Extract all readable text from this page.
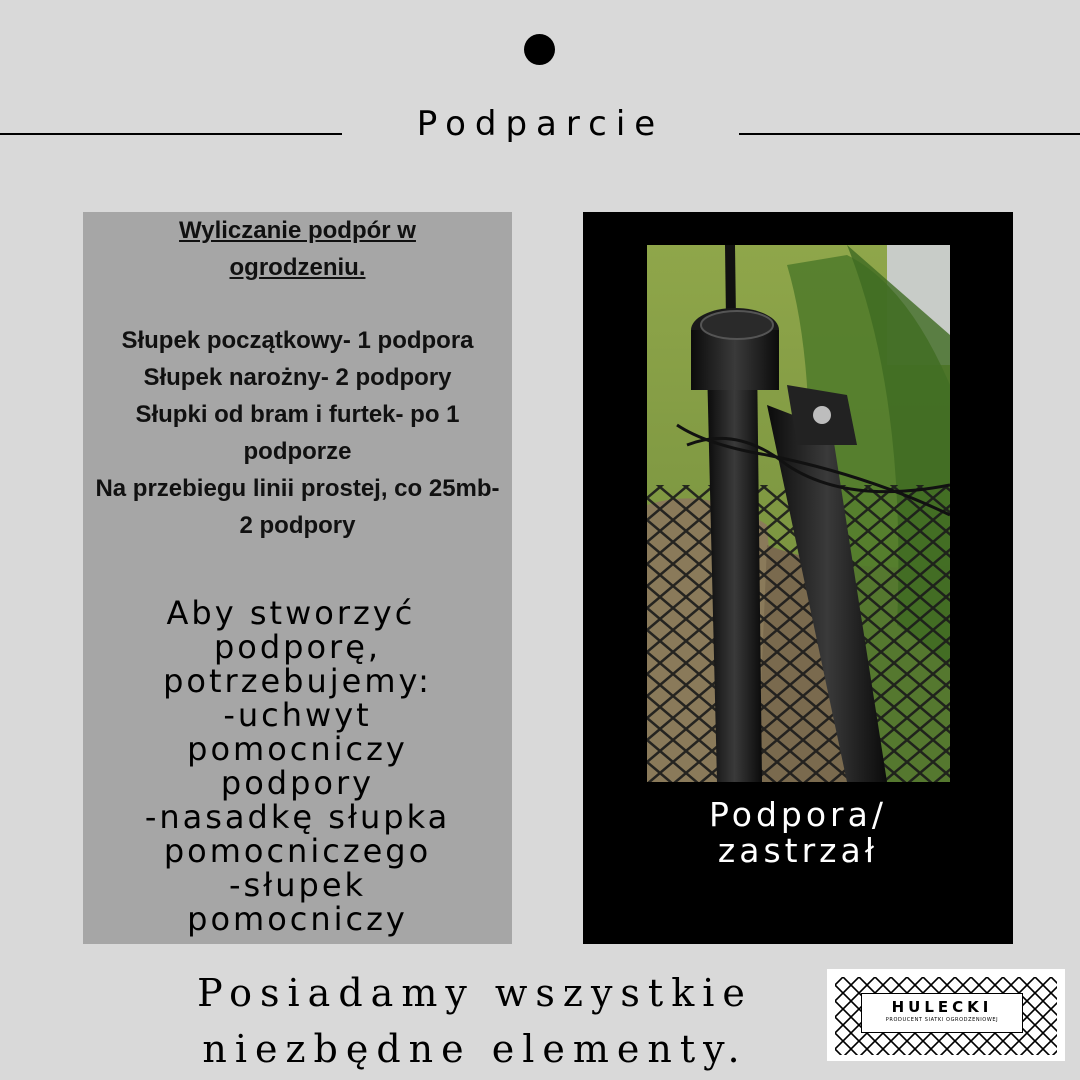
Podparcie
Wyliczanie podpór w ogrodzeniu.
Słupek początkowy- 1 podpora
Słupek narożny- 2 podpory
Słupki od bram i furtek- po 1 podporze
Na przebiegu linii prostej, co 25mb- 2 podpory
Aby stworzyć
podporę,
potrzebujemy:
-uchwyt
pomocniczy
podpory
-nasadkę słupka
pomocniczego
-słupek
pomocniczy
Podpora/
zastrzał
Posiadamy wszystkie
niezbędne elementy.
HULECKI
PRODUCENT SIATKI OGRODZENIOWEJ
